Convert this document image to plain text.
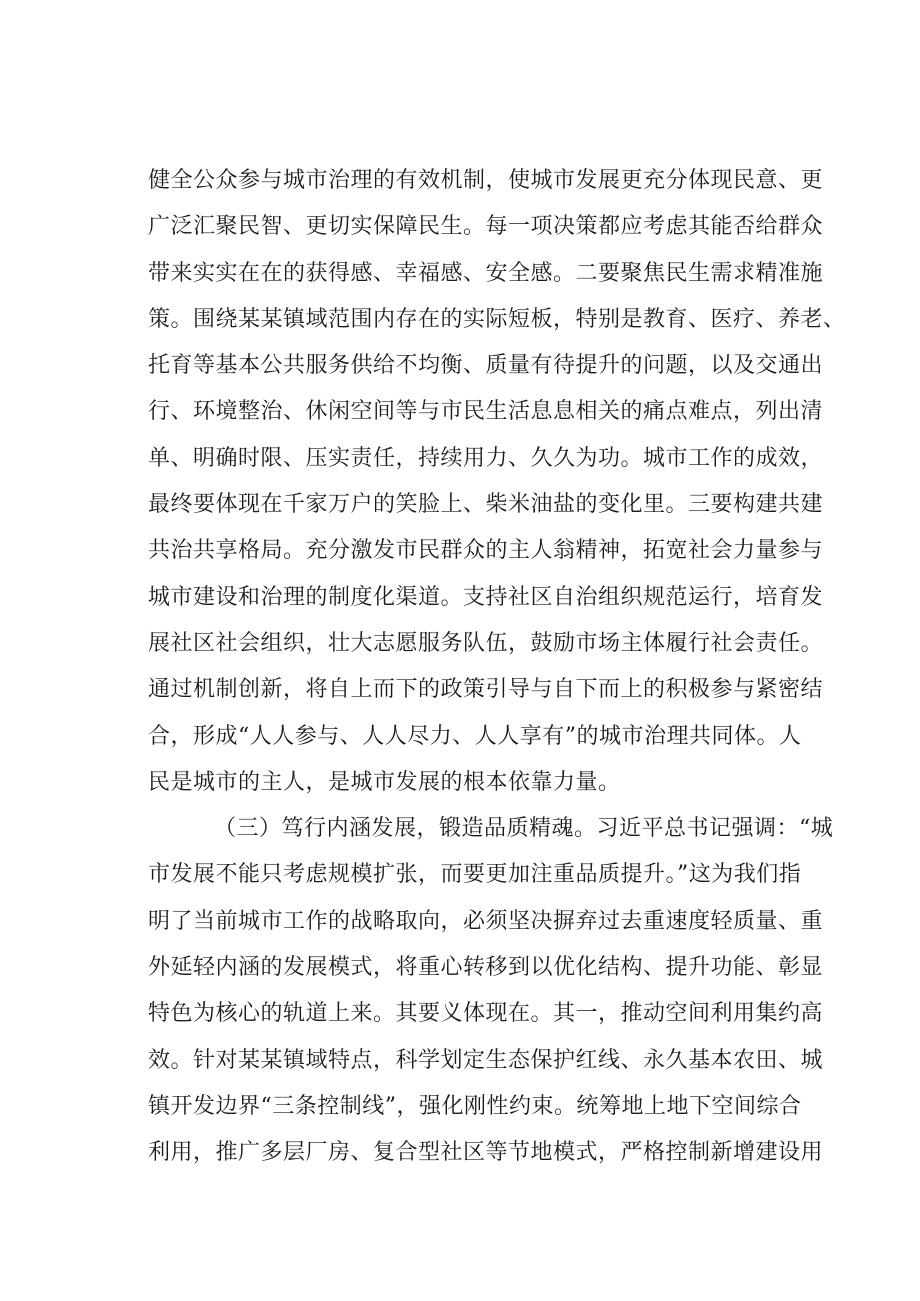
健全公众参与城市治理的有效机制，使城市发展更充分体现民意、更
广泛汇聚民智、更切实保障民生。每一项决策都应考虑其能否给群众
带来实实在在的获得感、幸福感、安全感。二要聚焦民生需求精准施
策。围绕某某镇域范围内存在的实际短板，特别是教育、医疗、养老、
托育等基本公共服务供给不均衡、质量有待提升的问题，以及交通出
行、环境整治、休闲空间等与市民生活息息相关的痛点难点，列出清
单、明确时限、压实责任，持续用力、久久为功。城市工作的成效，
最终要体现在千家万户的笑脸上、柴米油盐的变化里。三要构建共建
共治共享格局。充分激发市民群众的主人翁精神，拓宽社会力量参与
城市建设和治理的制度化渠道。支持社区自治组织规范运行，培育发
展社区社会组织，壮大志愿服务队伍，鼓励市场主体履行社会责任。
通过机制创新，将自上而下的政策引导与自下而上的积极参与紧密结
合，形成“人人参与、人人尽力、人人享有”的城市治理共同体。人
民是城市的主人，是城市发展的根本依靠力量。
（三）笃行内涵发展，锻造品质精魂。习近平总书记强调：“城
市发展不能只考虑规模扩张，而要更加注重品质提升。”这为我们指
明了当前城市工作的战略取向，必须坚决摒弃过去重速度轻质量、重
外延轻内涵的发展模式，将重心转移到以优化结构、提升功能、彰显
特色为核心的轨道上来。其要义体现在。其一，推动空间利用集约高
效。针对某某镇域特点，科学划定生态保护红线、永久基本农田、城
镇开发边界“三条控制线”，强化刚性约束。统筹地上地下空间综合
利用，推广多层厂房、复合型社区等节地模式，严格控制新增建设用
